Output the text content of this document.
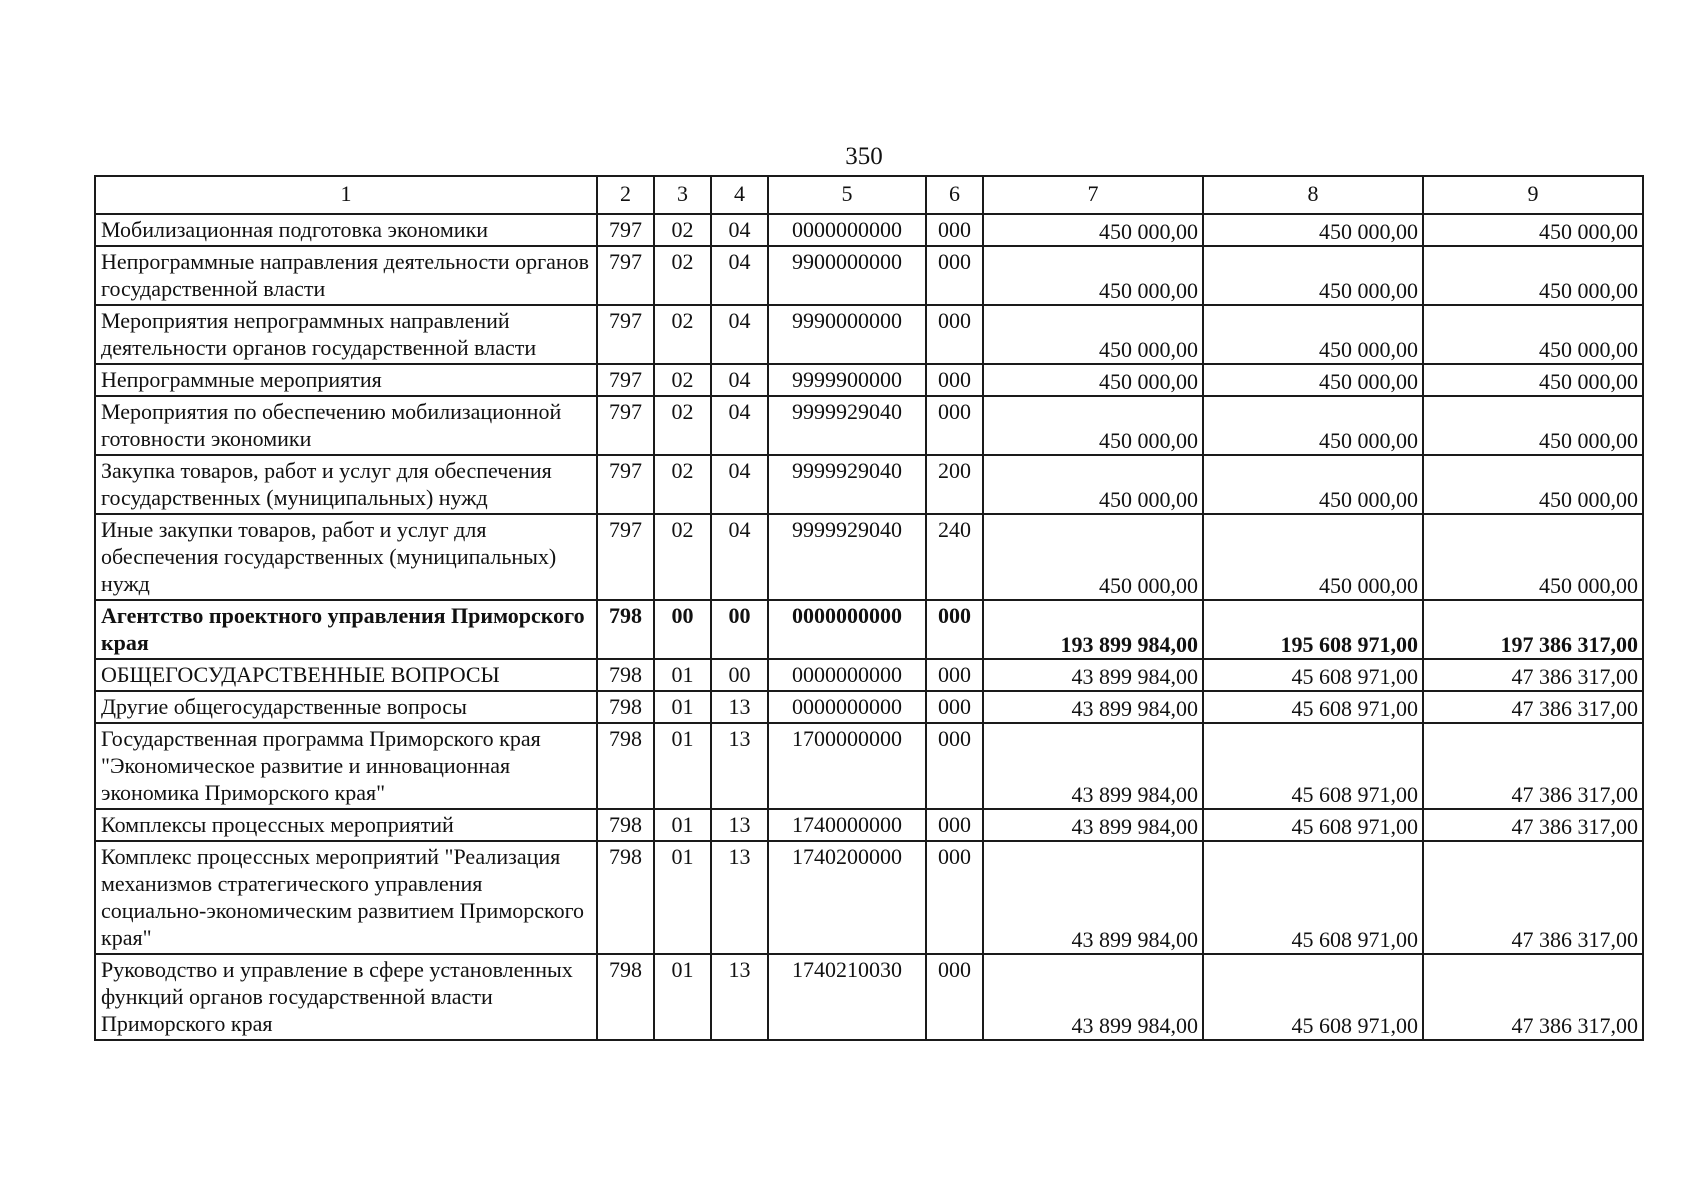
350
1	2	3	4	5	6	7	8	9
Мобилизационная подготовка экономики	797	02	04	0000000000	000	450 000,00	450 000,00	450 000,00
Непрограммные направления деятельности органов государственной власти	797	02	04	9900000000	000	450 000,00	450 000,00	450 000,00
Мероприятия непрограммных направлений деятельности органов государственной власти	797	02	04	9990000000	000	450 000,00	450 000,00	450 000,00
Непрограммные мероприятия	797	02	04	9999900000	000	450 000,00	450 000,00	450 000,00
Мероприятия по обеспечению мобилизационной готовности экономики	797	02	04	9999929040	000	450 000,00	450 000,00	450 000,00
Закупка товаров, работ и услуг для обеспечения государственных (муниципальных) нужд	797	02	04	9999929040	200	450 000,00	450 000,00	450 000,00
Иные закупки товаров, работ и услуг для обеспечения государственных (муниципальных) нужд	797	02	04	9999929040	240	450 000,00	450 000,00	450 000,00
Агентство проектного управления Приморского края	798	00	00	0000000000	000	193 899 984,00	195 608 971,00	197 386 317,00
ОБЩЕГОСУДАРСТВЕННЫЕ ВОПРОСЫ	798	01	00	0000000000	000	43 899 984,00	45 608 971,00	47 386 317,00
Другие общегосударственные вопросы	798	01	13	0000000000	000	43 899 984,00	45 608 971,00	47 386 317,00
Государственная программа Приморского края "Экономическое развитие и инновационная экономика Приморского края"	798	01	13	1700000000	000	43 899 984,00	45 608 971,00	47 386 317,00
Комплексы процессных мероприятий	798	01	13	1740000000	000	43 899 984,00	45 608 971,00	47 386 317,00
Комплекс процессных мероприятий "Реализация механизмов стратегического управления социально-экономическим развитием Приморского края"	798	01	13	1740200000	000	43 899 984,00	45 608 971,00	47 386 317,00
Руководство и управление в сфере установленных функций органов государственной власти Приморского края	798	01	13	1740210030	000	43 899 984,00	45 608 971,00	47 386 317,00
